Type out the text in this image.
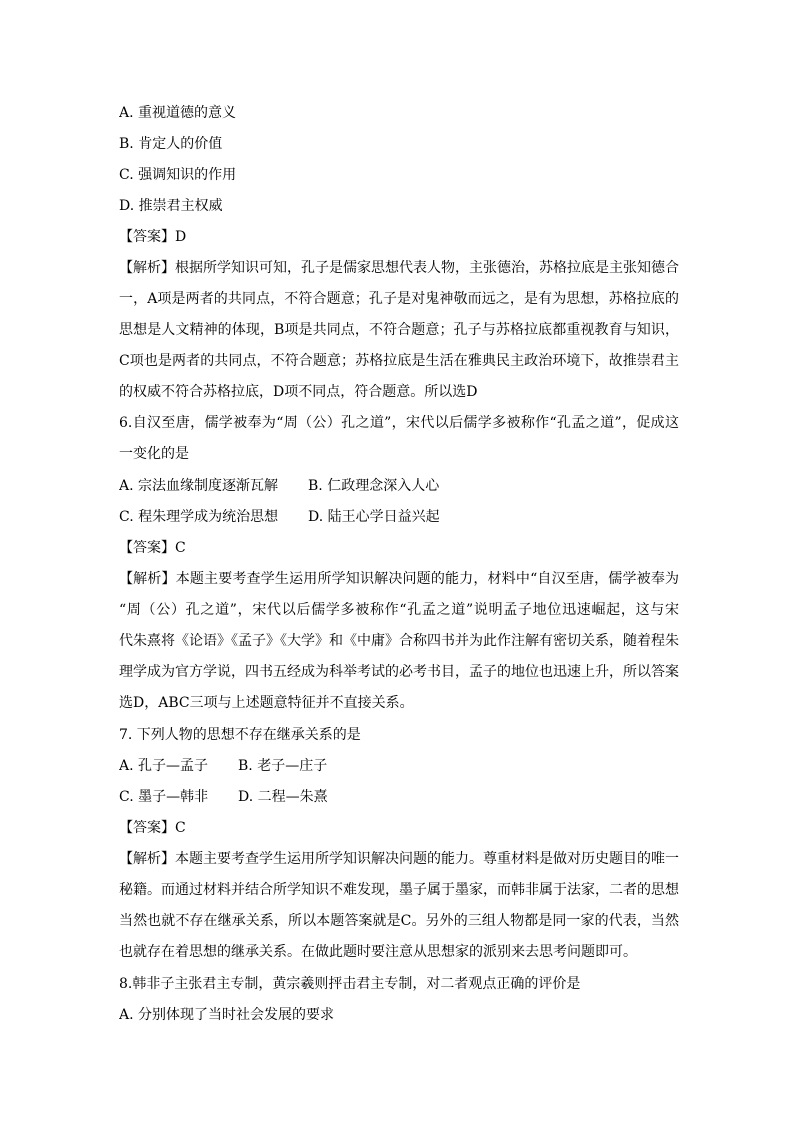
A. 重视道德的意义
B. 肯定人的价值
C. 强调知识的作用
D. 推崇君主权威
【答案】D
【解析】根据所学知识可知，孔子是儒家思想代表人物，主张德治，苏格拉底是主张知德合
一，A项是两者的共同点，不符合题意；孔子是对鬼神敬而远之，是有为思想，苏格拉底的
思想是人文精神的体现，B项是共同点，不符合题意；孔子与苏格拉底都重视教育与知识，
C项也是两者的共同点，不符合题意；苏格拉底是生活在雅典民主政治环境下，故推崇君主
的权威不符合苏格拉底，D项不同点，符合题意。所以选D
6.自汉至唐，儒学被奉为“周（公）孔之道”，宋代以后儒学多被称作“孔孟之道”，促成这
一变化的是
A. 宗法血缘制度逐渐瓦解	B. 仁政理念深入人心
C. 程朱理学成为统治思想	D. 陆王心学日益兴起
【答案】C
【解析】本题主要考查学生运用所学知识解决问题的能力，材料中“自汉至唐，儒学被奉为
“周（公）孔之道”，宋代以后儒学多被称作“孔孟之道”说明孟子地位迅速崛起，这与宋
代朱熹将《论语》《孟子》《大学》和《中庸》合称四书并为此作注解有密切关系，随着程朱
理学成为官方学说，四书五经成为科举考试的必考书目，孟子的地位也迅速上升，所以答案
选D，ABC三项与上述题意特征并不直接关系。
7. 下列人物的思想不存在继承关系的是
A. 孔子—孟子	B. 老子—庄子
C. 墨子—韩非	D. 二程—朱熹
【答案】C
【解析】本题主要考查学生运用所学知识解决问题的能力。尊重材料是做对历史题目的唯一
秘籍。而通过材料并结合所学知识不难发现，墨子属于墨家，而韩非属于法家，二者的思想
当然也就不存在继承关系，所以本题答案就是C。另外的三组人物都是同一家的代表，当然
也就存在着思想的继承关系。在做此题时要注意从思想家的派别来去思考问题即可。
8.韩非子主张君主专制，黄宗羲则抨击君主专制，对二者观点正确的评价是
A. 分别体现了当时社会发展的要求
